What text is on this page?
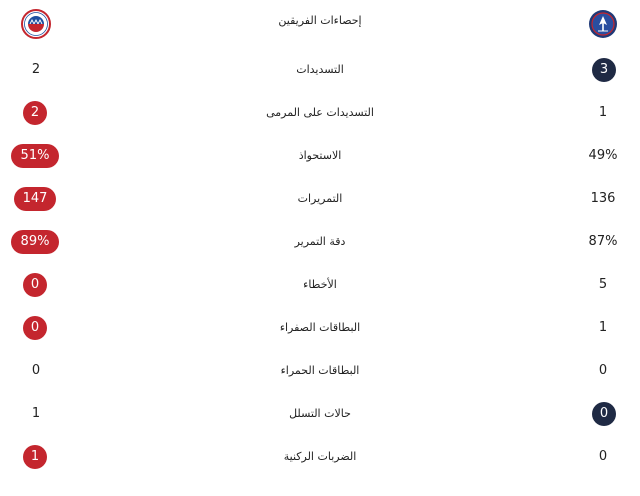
إحصاءات الفريقين
2	التسديدات	3
2	التسديدات على المرمى	1
51%	الاستحواذ	49%
147	التمريرات	136
89%	دقة التمرير	87%
0	الأخطاء	5
0	البطاقات الصفراء	1
0	البطاقات الحمراء	0
1	حالات التسلل	0
1	الضربات الركنية	0
